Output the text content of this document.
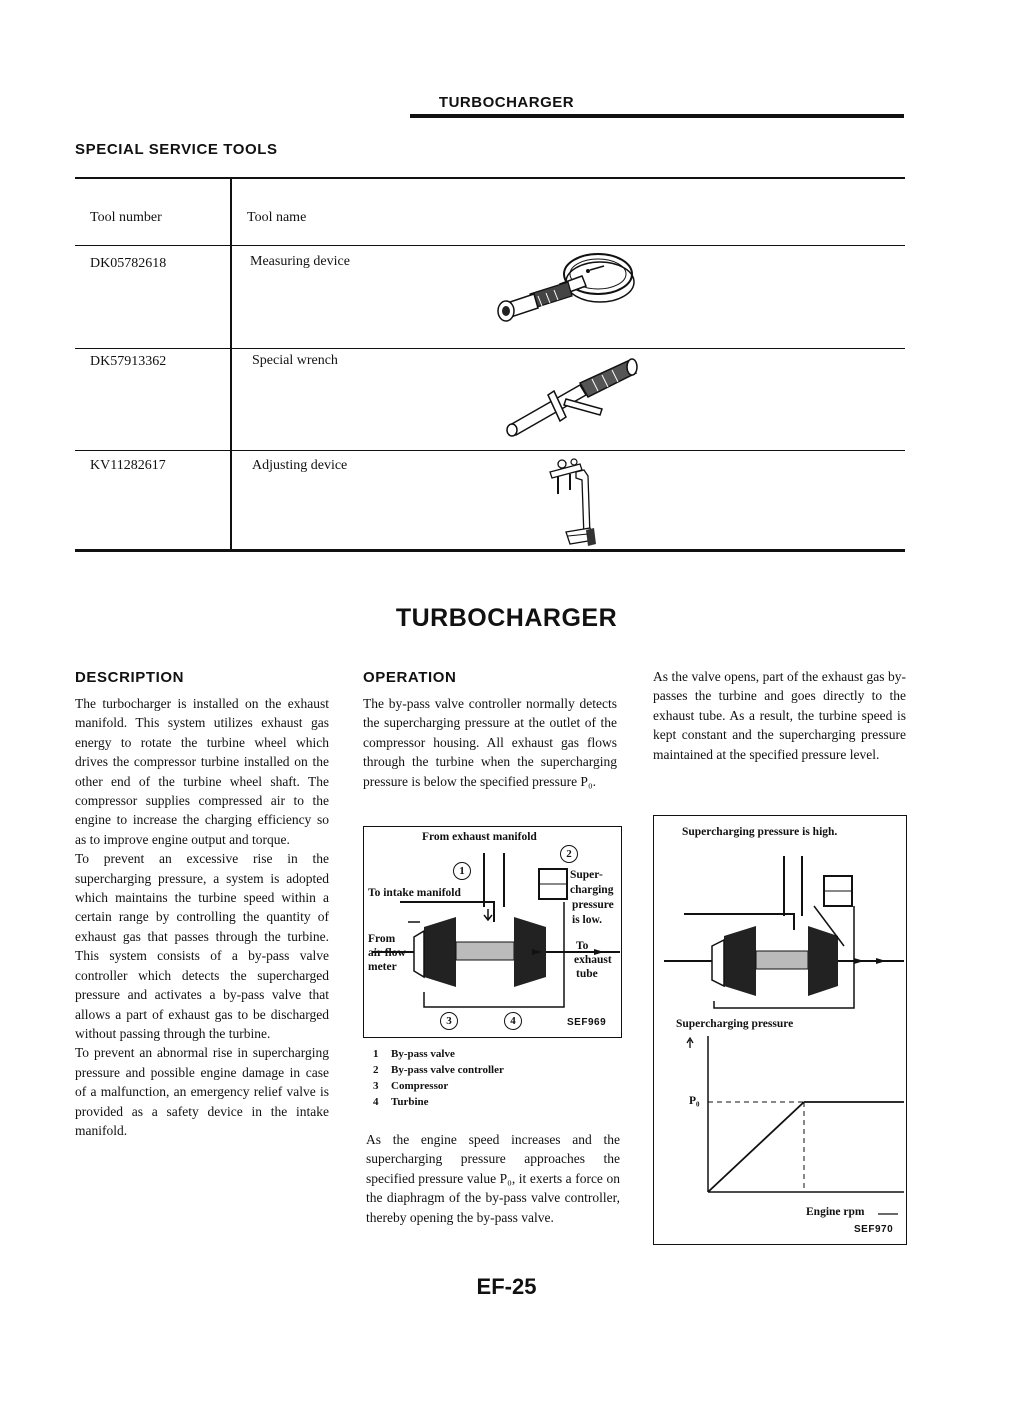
TURBOCHARGER
SPECIAL SERVICE TOOLS
Tool number	Tool name
DK05782618	Measuring device
DK57913362	Special wrench
KV11282617	Adjusting device
TURBOCHARGER
DESCRIPTION
The turbocharger is installed on the exhaust manifold. This system utilizes exhaust gas energy to rotate the turbine wheel which drives the compressor turbine installed on the other end of the turbine wheel shaft. The compressor supplies compressed air to the engine to increase the charging efficiency so as to improve engine output and torque.
To prevent an excessive rise in the supercharging pressure, a system is adopted which maintains the turbine speed within a certain range by controlling the quantity of exhaust gas that passes through the turbine. This system consists of a by-pass valve controller which detects the supercharged pressure and activates a by-pass valve that allows a part of exhaust gas to be discharged without passing through the turbine.
To prevent an abnormal rise in supercharging pressure and possible engine damage in case of a malfunction, an emergency relief valve is provided as a safety device in the intake manifold.
OPERATION
The by-pass valve controller normally detects the supercharging pressure at the outlet of the compressor housing. All exhaust gas flows through the turbine when the supercharging pressure is below the specified pressure P₀.
1
2
3	4
From exhaust manifold
To intake manifold
From
air flow
meter
Super-
charging
pressure
is low.
To
exhaust
tube
SEF969
1 By-pass valve
2 By-pass valve controller
3 Compressor
4 Turbine
As the engine speed increases and the supercharging pressure approaches the specified pressure value P₀, it exerts a force on the diaphragm of the by-pass valve controller, thereby opening the by-pass valve.
As the valve opens, part of the exhaust gas by-passes the turbine and goes directly to the exhaust tube. As a result, the turbine speed is kept constant and the supercharging pressure maintained at the specified pressure level.
Supercharging pressure is high.
Supercharging pressure
P₀
Engine rpm
SEF970
EF-25
